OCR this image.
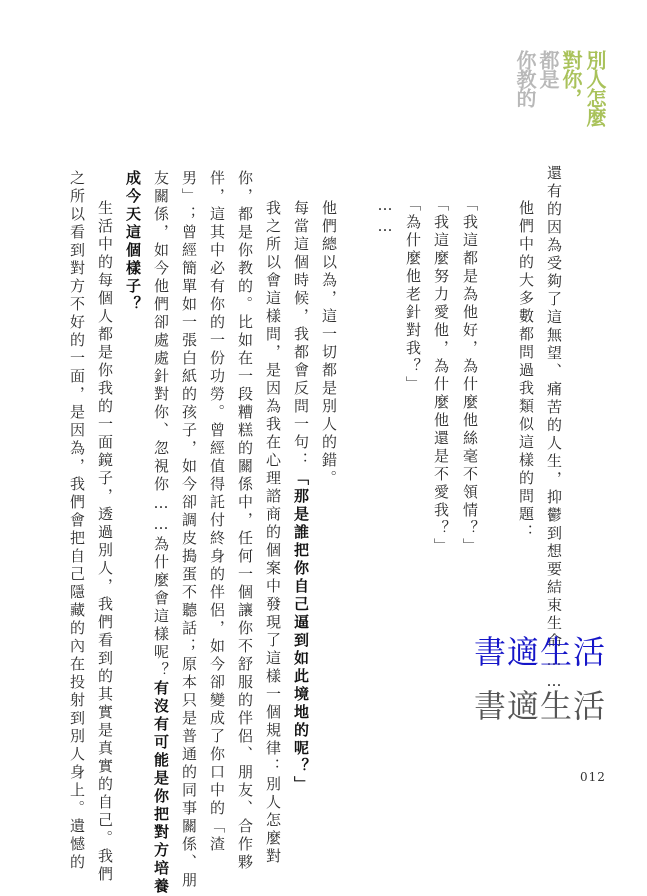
別人怎麼
對你，
都是
你教的
還有的因為受夠了這無望、痛苦的人生，抑鬱到想要結束生命……
他們中的大多數都問過我類似這樣的問題：
「我這都是為他好，為什麼他絲毫不領情？」
「我這麼努力愛他，為什麼他還是不愛我？」
「為什麼他老針對我？」
……
他們總以為，這一切都是別人的錯。
每當這個時候，我都會反問一句：「那是誰把你自己逼到如此境地的呢？」
我之所以會這樣問，是因為我在心理諮商的個案中發現了這樣一個規律：別人怎麼對
你，都是你教的。比如在一段糟糕的關係中，任何一個讓你不舒服的伴侶、朋友、合作夥
伴，這其中必有你的一份功勞。曾經值得託付終身的伴侶，如今卻變成了你口中的「渣
男」；曾經簡單如一張白紙的孩子，如今卻調皮搗蛋不聽話；原本只是普通的同事關係、朋
友關係，如今他們卻處處針對你、忽視你……為什麼會這樣呢？有沒有可能是你把對方培養
成今天這個樣子？
生活中的每個人都是你我的一面鏡子，透過別人，我們看到的其實是真實的自己。我們
之所以看到對方不好的一面，是因為，我們會把自己隱藏的內在投射到別人身上。遺憾的	書適生活
書適生活
012
